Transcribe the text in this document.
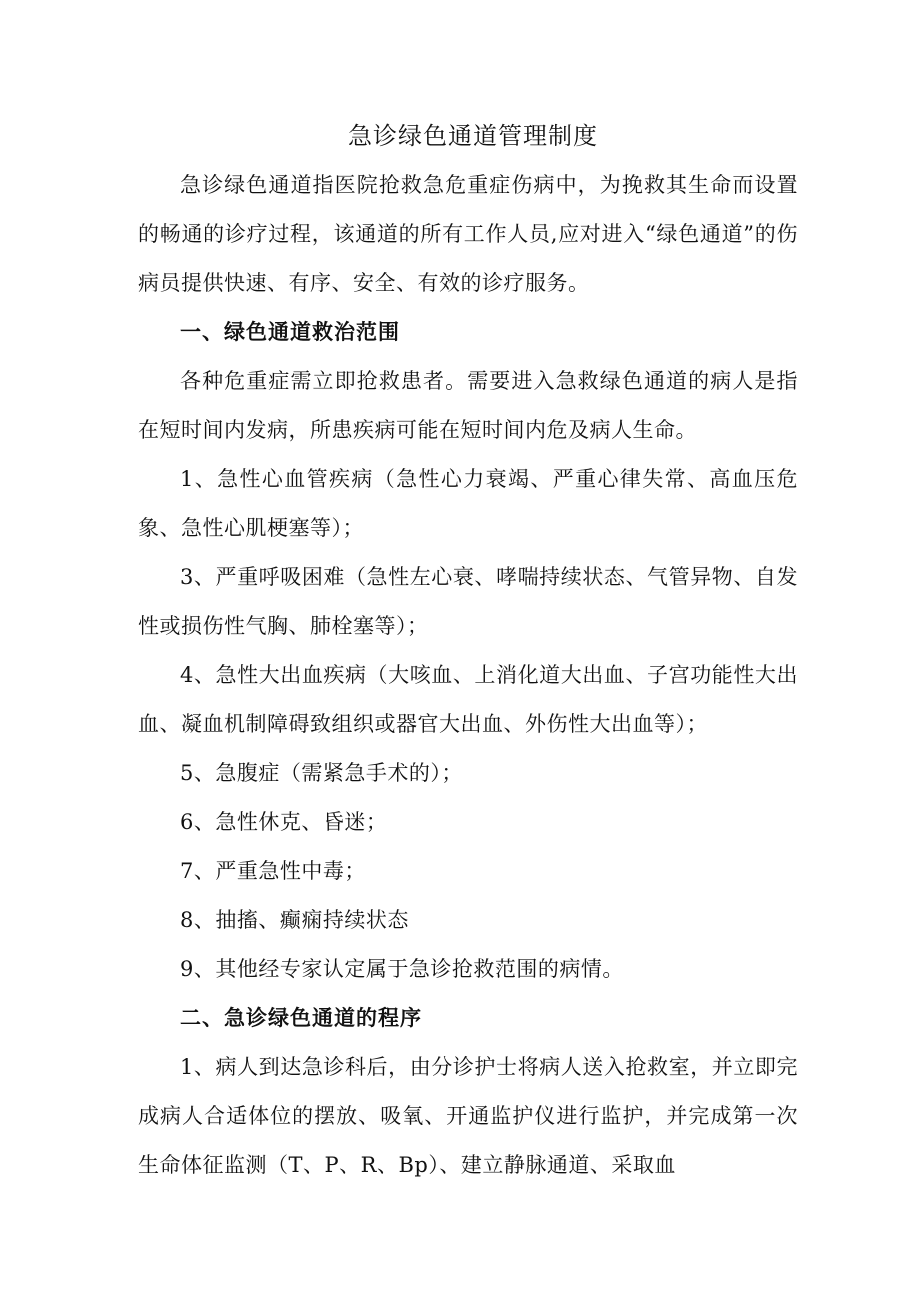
急诊绿色通道管理制度

急诊绿色通道指医院抢救急危重症伤病中，为挽救其生命而设置的畅通的诊疗过程，该通道的所有工作人员,应对进入“绿色通道”的伤病员提供快速、有序、安全、有效的诊疗服务。

一、绿色通道救治范围

各种危重症需立即抢救患者。需要进入急救绿色通道的病人是指在短时间内发病，所患疾病可能在短时间内危及病人生命。

1、急性心血管疾病（急性心力衰竭、严重心律失常、高血压危象、急性心肌梗塞等）；

3、严重呼吸困难（急性左心衰、哮喘持续状态、气管异物、自发性或损伤性气胸、肺栓塞等）；

4、急性大出血疾病（大咳血、上消化道大出血、子宫功能性大出血、凝血机制障碍致组织或器官大出血、外伤性大出血等）；

5、急腹症（需紧急手术的）；

6、急性休克、昏迷；

7、严重急性中毒；

8、抽搐、癫痫持续状态

9、其他经专家认定属于急诊抢救范围的病情。

二、急诊绿色通道的程序

1、病人到达急诊科后，由分诊护士将病人送入抢救室，并立即完成病人合适体位的摆放、吸氧、开通监护仪进行监护，并完成第一次生命体征监测（T、P、R、Bp）、建立静脉通道、采取血
